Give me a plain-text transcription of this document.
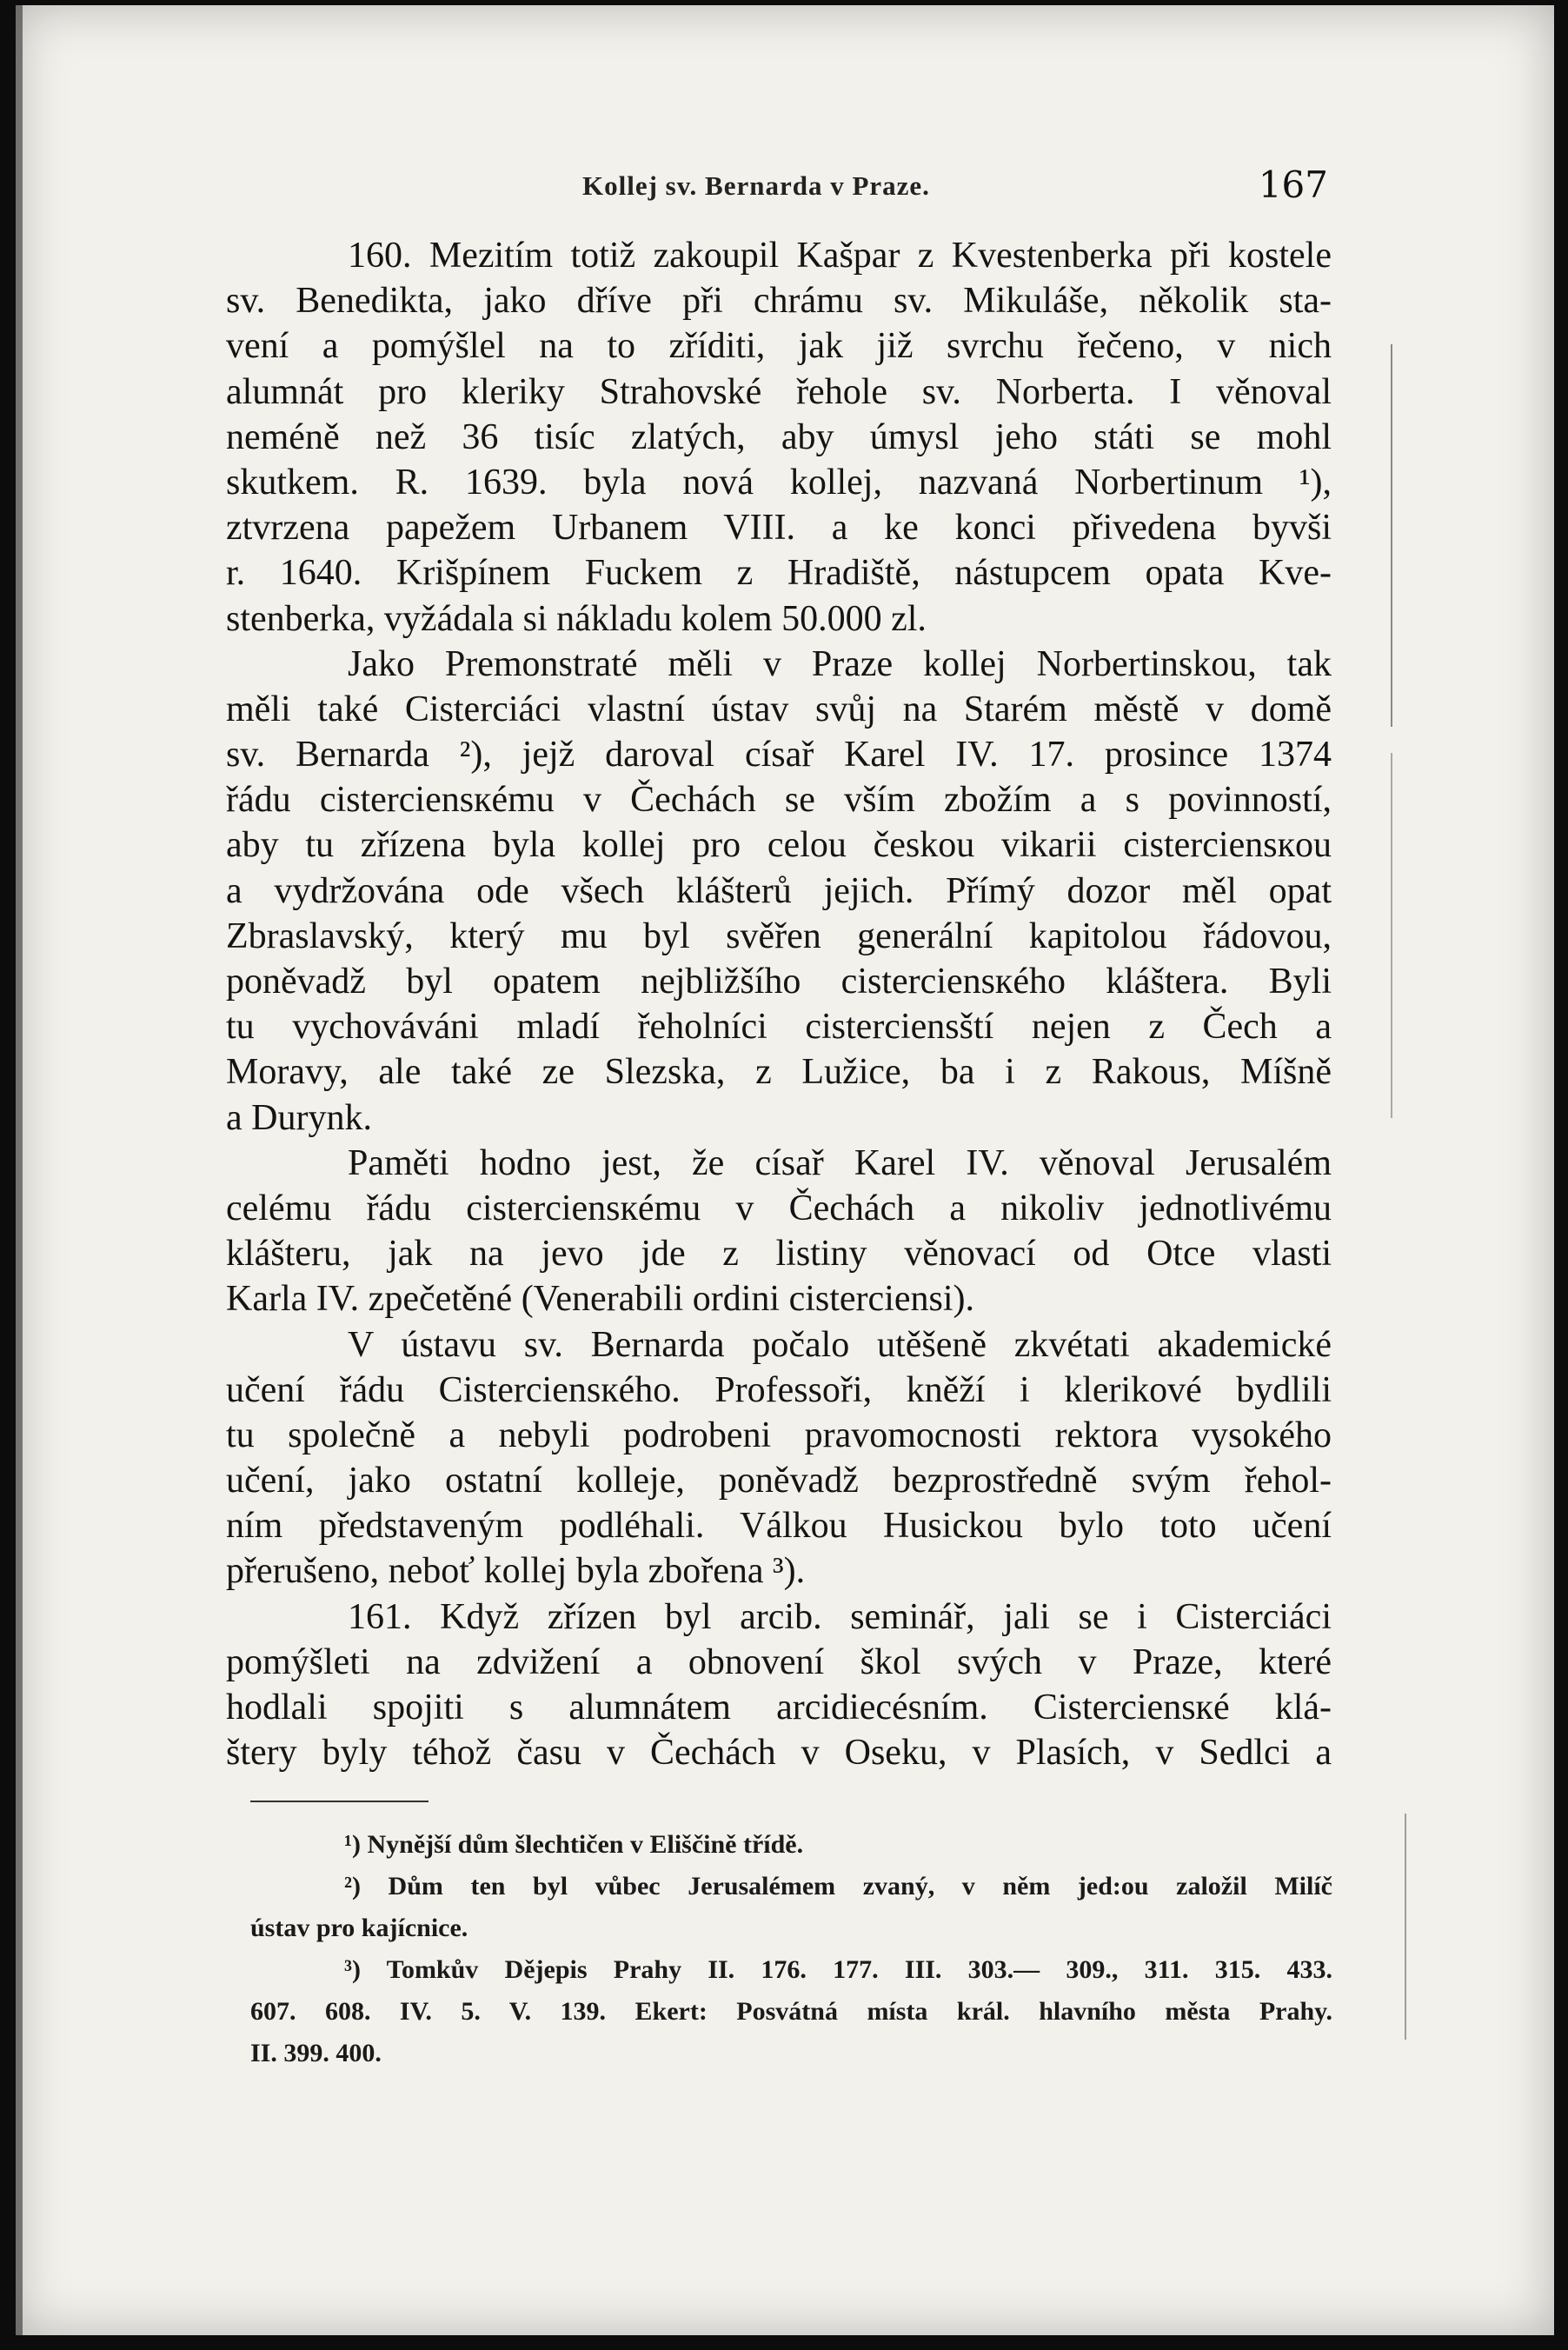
Kollej sv. Bernarda v Praze.	167
160. Mezitím totiž zakoupil Kašpar z Kvestenberka při kostele
sv. Benedikta, jako dříve při chrámu sv. Mikuláše, několik sta-
vení a pomýšlel na to zříditi, jak již svrchu řečeno, v nich
alumnát pro kleriky Strahovské řehole sv. Norberta. I věnoval
neméně než 36 tisíc zlatých, aby úmysl jeho státi se mohl
skutkem. R. 1639. byla nová kollej, nazvaná Norbertinum ¹),
ztvrzena papežem Urbanem VIII. a ke konci přivedena byvši
r. 1640. Krišpínem Fuckem z Hradiště, nástupcem opata Kve-
stenberka, vyžádala si nákladu kolem 50.000 zl.
Jako Premonstraté měli v Praze kollej Norbertinskou, tak
měli také Cisterciáci vlastní ústav svůj na Starém městě v domě
sv. Bernarda ²), jejž daroval císař Karel IV. 17. prosince 1374
řádu cisterciensкému v Čechách se vším zbožím a s povinností,
aby tu zřízena byla kollej pro celou českou vikarii cisterciensкou
a vydržována ode všech klášterů jejich. Přímý dozor měl opat
Zbraslavský, který mu byl svěřen generální kapitolou řádovou,
poněvadž byl opatem nejbližšího cisterciensкého kláštera. Byli
tu vychováváni mladí řeholníci cisterciensští nejen z Čech a
Moravy, ale také ze Slezska, z Lužice, ba i z Rakous, Míšně
a Durynk.
Paměti hodno jest, že císař Karel IV. věnoval Jerusalém
celému řádu cisterciensкému v Čechách a nikoliv jednotlivému
klášteru, jak na jevo jde z listiny věnovací od Otce vlasti
Karla IV. zpečetěné (Venerabili ordini cisterciensi).
V ústavu sv. Bernarda počalo utěšeně zkvétati akademické
učení řádu Cisterciensкého. Professoři, kněží i klerikové bydlili
tu společně a nebyli podrobeni pravomocnosti rektora vysokého
učení, jako ostatní kolleje, poněvadž bezprostředně svým řehol-
ním představeným podléhali. Válkou Husickou bylo toto učení
přerušeno, neboť kollej byla zbořena ³).
161. Když zřízen byl arcib. seminář, jali se i Cisterciáci
pomýšleti na zdvižení a obnovení škol svých v Praze, které
hodlali spojiti s alumnátem arcidiecésním. Cisterciensкé klá-
štery byly téhož času v Čechách v Oseku, v Plasích, v Sedlci a
¹) Nynější dům šlechtičen v Eliščině třídě.
²) Dům ten byl vůbec Jerusalémem zvaný, v něm jed:ou založil Milíč
ústav pro kajícnice.
³) Tomkův Dějepis Prahy II. 176. 177. III. 303.— 309., 311. 315. 433.
607. 608. IV. 5. V. 139. Ekert: Posvátná místa král. hlavního města Prahy.
II. 399. 400.
